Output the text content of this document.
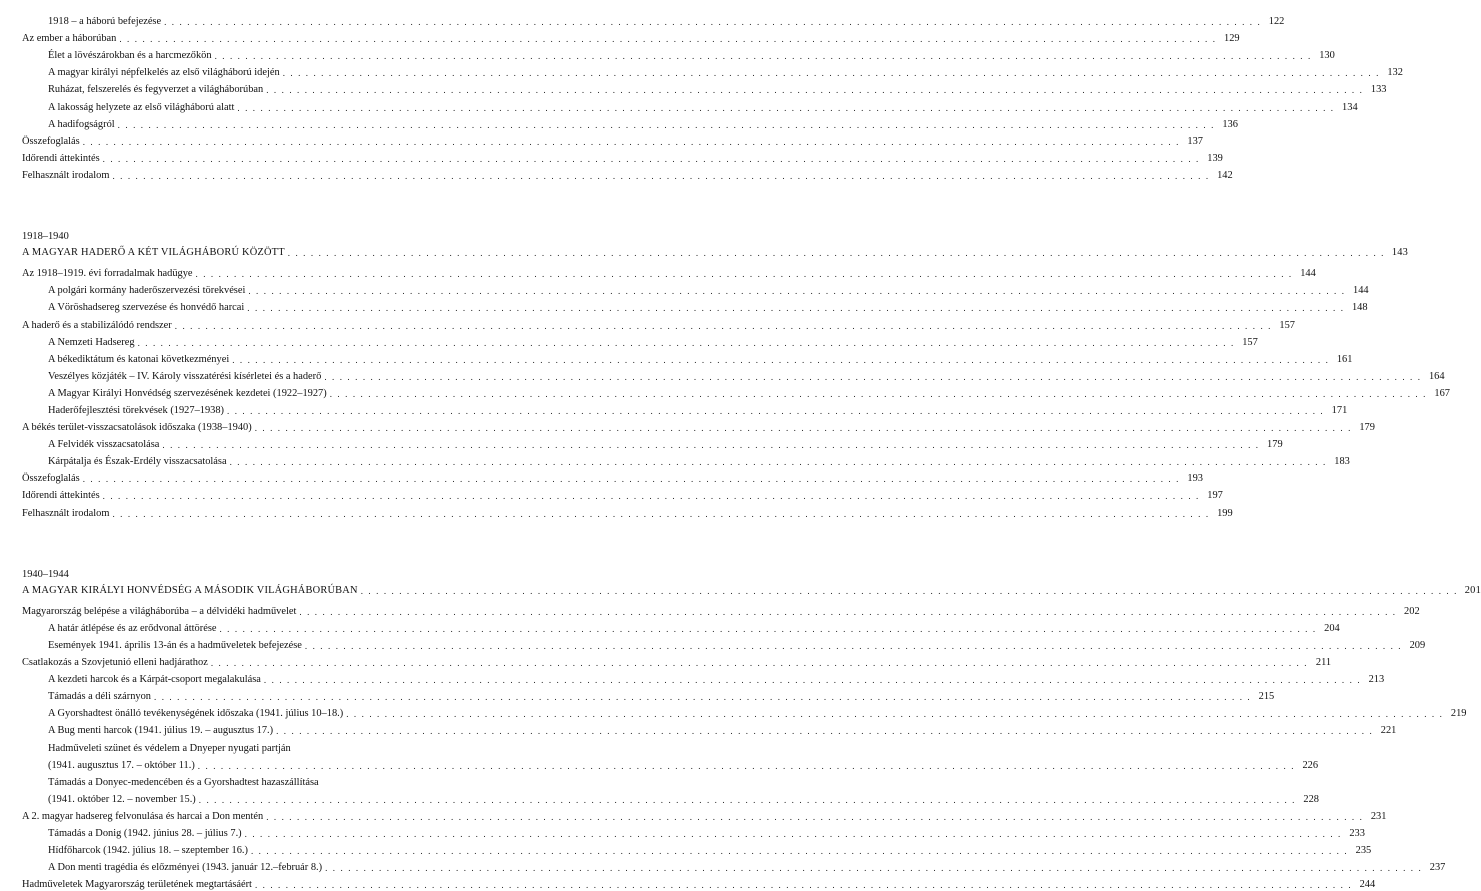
1918 – a háború befejezése . . .	122
Az ember a háborúban . . .	129
Élet a lövészárokban és a harcmezőkön . . .	130
A magyar királyi népfelkelés az első világháború idején . . .	132
Ruházat, felszerelés és fegyverzet a világháborúban . . .	133
A lakosság helyzete az első világháború alatt . . .	134
A hadifogságról . . .	136
Összefoglalás . . .	137
Időrendi áttekintés . . .	139
Felhasznált irodalom . . .	142
1918–1940
A MAGYAR HADERŐ A KÉT VILÁGHÁBORÚ KÖZÖTT . . .	143
Az 1918–1919. évi forradalmak hadügye . . .	144
A polgári kormány haderőszervezési törekvései . . .	144
A Vöröshadsereg szervezése és honvédő harcai . . .	148
A haderő és a stabilizálódó rendszer . . .	157
A Nemzeti Hadsereg . . .	157
A békediktátum és katonai következményei . . .	161
Veszélyes közjáték – IV. Károly visszatérési kísérletei és a haderő . . .	164
A Magyar Királyi Honvédség szervezésének kezdetei (1922–1927) . . .	167
Haderőfejlesztési törekvések (1927–1938) . . .	171
A békés terület-visszacsatolások időszaka (1938–1940) . . .	179
A Felvidék visszacsatolása . . .	179
Kárpátalja és Észak-Erdély visszacsatolása . . .	183
Összefoglalás . . .	193
Időrendi áttekintés . . .	197
Felhasznált irodalom . . .	199
1940–1944
A MAGYAR KIRÁLYI HONVÉDSÉG A MÁSODIK VILÁGHÁBORÚBAN . . .	201
Magyarország belépése a világháborúba – a délvidéki hadművelet . . .	202
A határ átlépése és az erődvonal áttörése . . .	204
Események 1941. április 13-án és a hadműveletek befejezése . . .	209
Csatlakozás a Szovjetunió elleni hadjárathoz . . .	211
A kezdeti harcok és a Kárpát-csoport megalakulása . . .	213
Támadás a déli szárnyon . . .	215
A Gyorshadtest önálló tevékenységének időszaka (1941. július 10–18.) . . .	219
A Bug menti harcok (1941. július 19. – augusztus 17.) . . .	221
Hadműveleti szünet és védelem a Dnyeper nyugati partján
(1941. augusztus 17. – október 11.) . . .	226
Támadás a Donyec-medencében és a Gyorshadtest hazaszállítása
(1941. október 12. – november 15.) . . .	228
A 2. magyar hadsereg felvonulása és harcai a Don mentén . . .	231
Támadás a Donig (1942. június 28. – július 7.) . . .	233
Hídfőharcok (1942. július 18. – szeptember 16.) . . .	235
A Don menti tragédia és előzményei (1943. január 12.–február 8.) . . .	237
Hadműveletek Magyarország területének megtartásáért . . .	244
